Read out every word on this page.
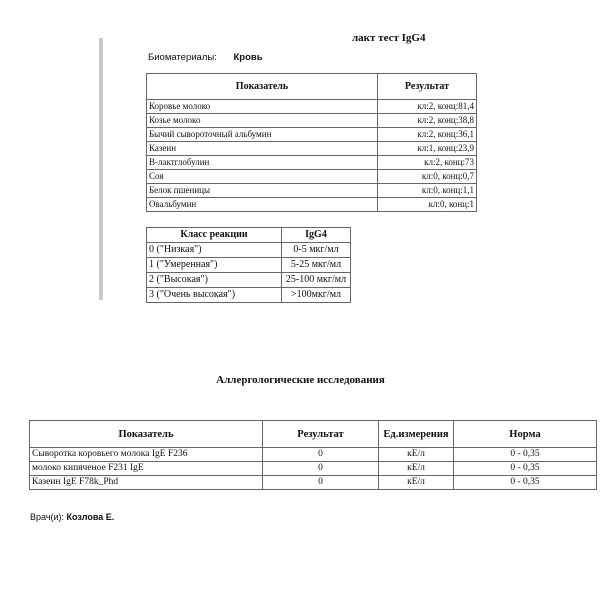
лакт тест IgG4
Биоматериалы: Кровь
Показатель	Результат
Коровье молоко	кл:2, конц:81,4
Козье молоко	кл:2, конц:38,8
Бычий сывороточный альбумин	кл:2, конц:36,1
Казеин	кл:1, конц:23,9
В-лактглобулин	кл:2, конц:73
Соя	кл:0, конц:0,7
Белок пшеницы	кл:0, конц:1,1
Овальбумин	кл:0, конц:1
Класс реакции	IgG4
0 ("Низкая")	0-5 мкг/мл
1 ("Умеренная")	5-25 мкг/мл
2 ("Высокая")	25-100 мкг/мл
3 ("Очень высокая")	>100мкг/мл
Аллергологические исследования
Показатель	Результат	Ед.измерения	Норма
Сыворотка коровьего молока IgE F236	0	кЕ/л	0 - 0,35
молоко кипяченое F231 IgE	0	кЕ/л	0 - 0,35
Казеин IgE F78k_Phd	0	кЕ/л	0 - 0,35
Врач(и): Козлова Е.
